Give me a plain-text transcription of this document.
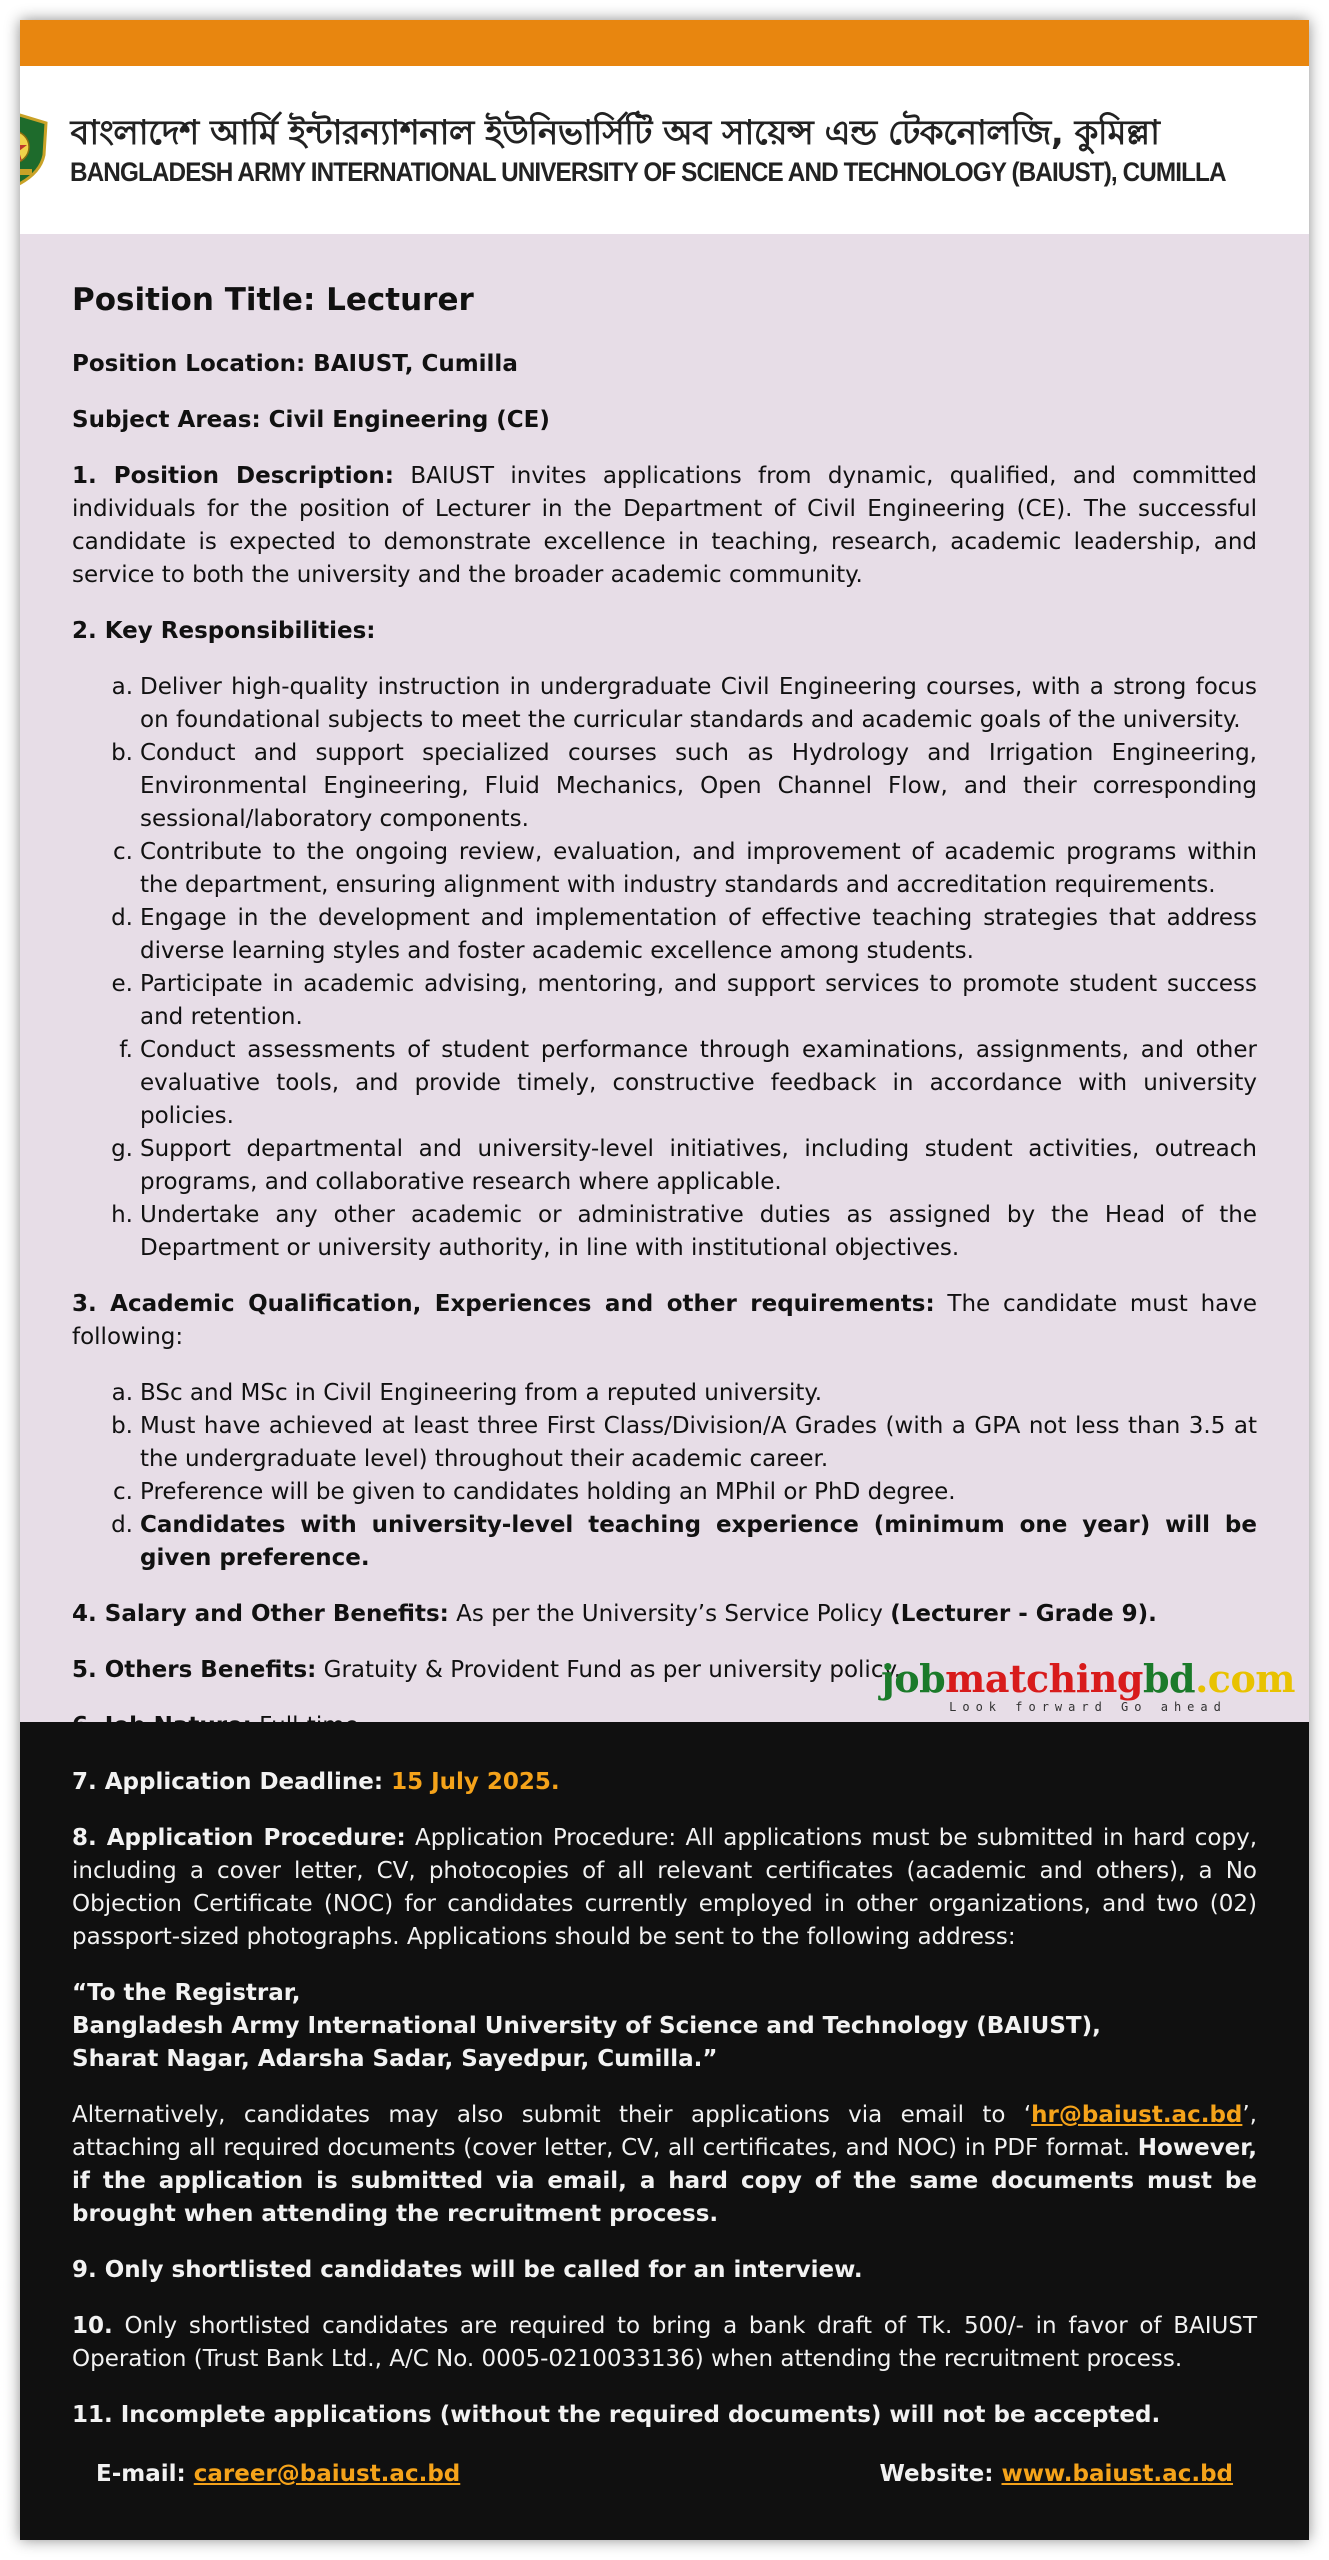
বাংলাদেশ আর্মি ইন্টারন্যাশনাল ইউনিভার্সিটি অব সায়েন্স এন্ড টেকনোলজি, কুমিল্লা
BANGLADESH ARMY INTERNATIONAL UNIVERSITY OF SCIENCE AND TECHNOLOGY (BAIUST), CUMILLA
Position Title: Lecturer
Position Location: BAIUST, Cumilla
Subject Areas: Civil Engineering (CE)
1. Position Description: BAIUST invites applications from dynamic, qualified, and committed individuals for the position of Lecturer in the Department of Civil Engineering (CE). The successful candidate is expected to demonstrate excellence in teaching, research, academic leadership, and service to both the university and the broader academic community.
2. Key Responsibilities:
a. Deliver high-quality instruction in undergraduate Civil Engineering courses, with a strong focus on foundational subjects to meet the curricular standards and academic goals of the university.
b. Conduct and support specialized courses such as Hydrology and Irrigation Engineering, Environmental Engineering, Fluid Mechanics, Open Channel Flow, and their corresponding sessional/laboratory components.
c. Contribute to the ongoing review, evaluation, and improvement of academic programs within the department, ensuring alignment with industry standards and accreditation requirements.
d. Engage in the development and implementation of effective teaching strategies that address diverse learning styles and foster academic excellence among students.
e. Participate in academic advising, mentoring, and support services to promote student success and retention.
f. Conduct assessments of student performance through examinations, assignments, and other evaluative tools, and provide timely, constructive feedback in accordance with university policies.
g. Support departmental and university-level initiatives, including student activities, outreach programs, and collaborative research where applicable.
h. Undertake any other academic or administrative duties as assigned by the Head of the Department or university authority, in line with institutional objectives.
3. Academic Qualification, Experiences and other requirements: The candidate must have following:
a. BSc and MSc in Civil Engineering from a reputed university.
b. Must have achieved at least three First Class/Division/A Grades (with a GPA not less than 3.5 at the undergraduate level) throughout their academic career.
c. Preference will be given to candidates holding an MPhil or PhD degree.
d. Candidates with university-level teaching experience (minimum one year) will be given preference.
4. Salary and Other Benefits: As per the University’s Service Policy (Lecturer - Grade 9).
5. Others Benefits: Gratuity & Provident Fund as per university policy.
jobmatchingbd.com
Look forward Go ahead
7. Application Deadline: 15 July 2025.
8. Application Procedure: Application Procedure: All applications must be submitted in hard copy, including a cover letter, CV, photocopies of all relevant certificates (academic and others), a No Objection Certificate (NOC) for candidates currently employed in other organizations, and two (02) passport-sized photographs. Applications should be sent to the following address:
“To the Registrar,
Bangladesh Army International University of Science and Technology (BAIUST),
Sharat Nagar, Adarsha Sadar, Sayedpur, Cumilla.”
Alternatively, candidates may also submit their applications via email to ‘hr@baiust.ac.bd’, attaching all required documents (cover letter, CV, all certificates, and NOC) in PDF format. However, if the application is submitted via email, a hard copy of the same documents must be brought when attending the recruitment process.
9. Only shortlisted candidates will be called for an interview.
10. Only shortlisted candidates are required to bring a bank draft of Tk. 500/- in favor of BAIUST Operation (Trust Bank Ltd., A/C No. 0005-0210033136) when attending the recruitment process.
11. Incomplete applications (without the required documents) will not be accepted.
E-mail: career@baiust.ac.bd	Website: www.baiust.ac.bd
